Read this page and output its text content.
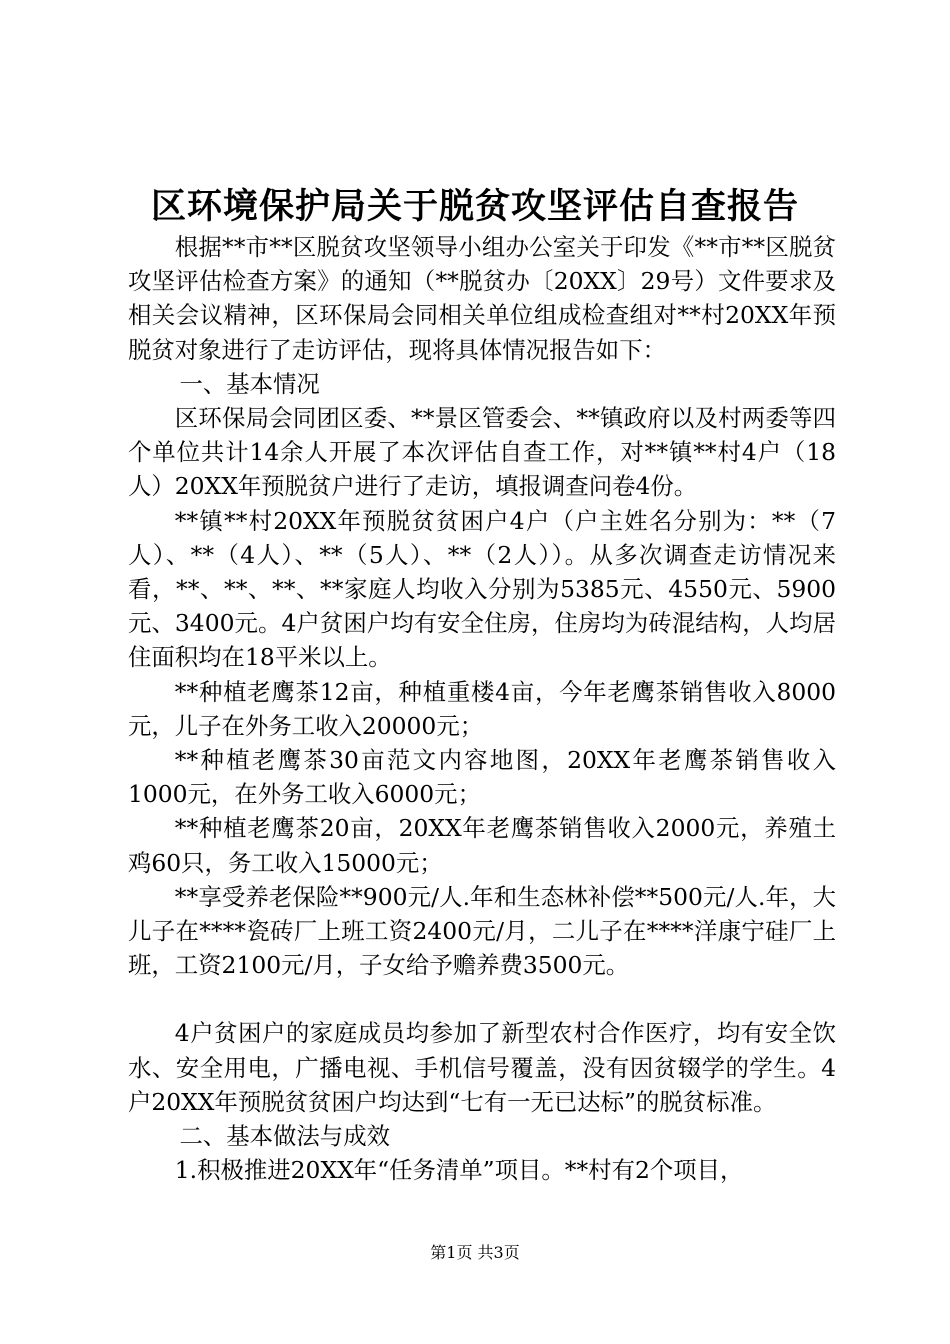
区环境保护局关于脱贫攻坚评估自查报告

根据**市**区脱贫攻坚领导小组办公室关于印发《**市**区脱贫攻坚评估检查方案》的通知（**脱贫办〔20XX〕29号）文件要求及相关会议精神，区环保局会同相关单位组成检查组对**村20XX年预脱贫对象进行了走访评估，现将具体情况报告如下：

一、基本情况

区环保局会同团区委、**景区管委会、**镇政府以及村两委等四个单位共计14余人开展了本次评估自查工作，对**镇**村4户（18人）20XX年预脱贫户进行了走访，填报调查问卷4份。

**镇**村20XX年预脱贫贫困户4户（户主姓名分别为：**（7人）、**（4人）、**（5人）、**（2人））。从多次调查走访情况来看，**、**、**、**家庭人均收入分别为5385元、4550元、5900元、3400元。4户贫困户均有安全住房，住房均为砖混结构，人均居住面积均在18平米以上。

**种植老鹰茶12亩，种植重楼4亩，今年老鹰茶销售收入8000元，儿子在外务工收入20000元；

**种植老鹰茶30亩范文内容地图，20XX年老鹰茶销售收入1000元，在外务工收入6000元；

**种植老鹰茶20亩，20XX年老鹰茶销售收入2000元，养殖土鸡60只，务工收入15000元；

**享受养老保险**900元/人.年和生态林补偿**500元/人.年，大儿子在****瓷砖厂上班工资2400元/月，二儿子在****洋康宁硅厂上班，工资2100元/月，子女给予赡养费3500元。

4户贫困户的家庭成员均参加了新型农村合作医疗，均有安全饮水、安全用电，广播电视、手机信号覆盖，没有因贫辍学的学生。4户20XX年预脱贫贫困户均达到“七有一无已达标”的脱贫标准。

二、基本做法与成效

1.积极推进20XX年“任务清单”项目。**村有2个项目，

第1页 共3页
